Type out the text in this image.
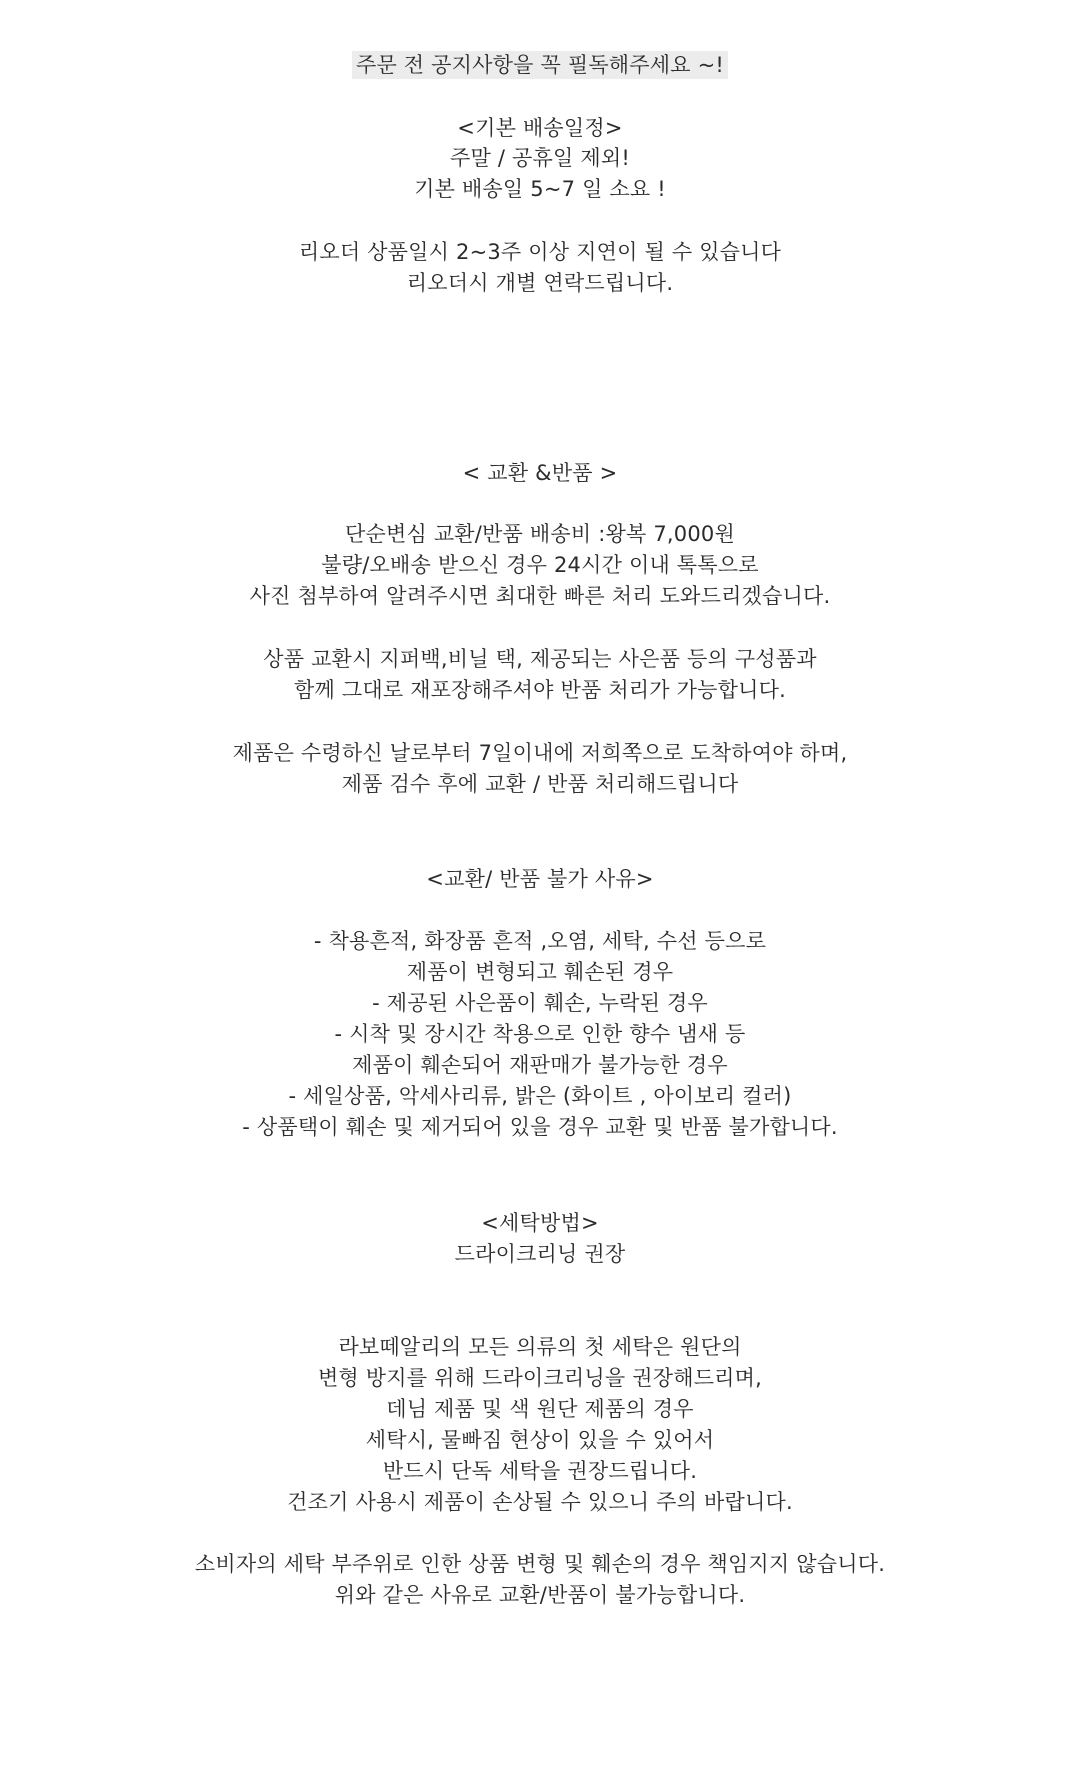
주문 전 공지사항을 꼭 필독해주세요 ~!
<기본 배송일정>
주말 / 공휴일 제외!
기본 배송일 5~7 일 소요 !
리오더 상품일시 2~3주 이상 지연이 될 수 있습니다
리오더시 개별 연락드립니다.
< 교환 &반품 >
단순변심 교환/반품 배송비 :왕복 7,000원
불량/오배송 받으신 경우 24시간 이내 톡톡으로
사진 첨부하여 알려주시면 최대한 빠른 처리 도와드리겠습니다.
상품 교환시 지퍼백,비닐 택, 제공되는 사은품 등의 구성품과
함께 그대로 재포장해주셔야 반품 처리가 가능합니다.
제품은 수령하신 날로부터 7일이내에 저희쪽으로 도착하여야 하며,
제품 검수 후에 교환 / 반품 처리해드립니다
<교환/ 반품 불가 사유>
- 착용흔적, 화장품 흔적 ,오염, 세탁, 수선 등으로
제품이 변형되고 훼손된 경우
- 제공된 사은품이 훼손, 누락된 경우
- 시착 및 장시간 착용으로 인한 향수 냄새 등
제품이 훼손되어 재판매가 불가능한 경우
- 세일상품, 악세사리류, 밝은 (화이트 , 아이보리 컬러)
- 상품택이 훼손 및 제거되어 있을 경우 교환 및 반품 불가합니다.
<세탁방법>
드라이크리닝 권장
라보떼알리의 모든 의류의 첫 세탁은 원단의
변형 방지를 위해 드라이크리닝을 권장해드리며,
데님 제품 및 색 원단 제품의 경우
세탁시, 물빠짐 현상이 있을 수 있어서
반드시 단독 세탁을 권장드립니다.
건조기 사용시 제품이 손상될 수 있으니 주의 바랍니다.
소비자의 세탁 부주위로 인한 상품 변형 및 훼손의 경우 책임지지 않습니다.
위와 같은 사유로 교환/반품이 불가능합니다.
